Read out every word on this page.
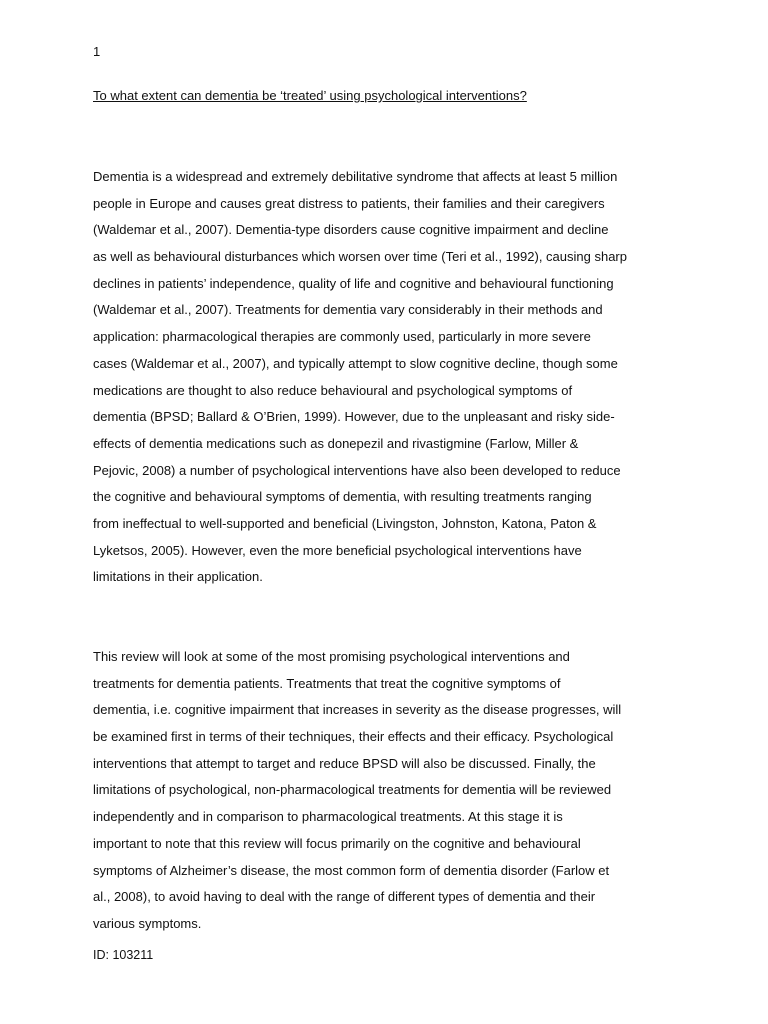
1
To what extent can dementia be ‘treated’ using psychological interventions?

Dementia is a widespread and extremely debilitative syndrome that affects at least 5 million
people in Europe and causes great distress to patients, their families and their caregivers
(Waldemar et al., 2007). Dementia-type disorders cause cognitive impairment and decline
as well as behavioural disturbances which worsen over time (Teri et al., 1992), causing sharp
declines in patients’ independence, quality of life and cognitive and behavioural functioning
(Waldemar et al., 2007). Treatments for dementia vary considerably in their methods and
application: pharmacological therapies are commonly used, particularly in more severe
cases (Waldemar et al., 2007), and typically attempt to slow cognitive decline, though some
medications are thought to also reduce behavioural and psychological symptoms of
dementia (BPSD; Ballard & O’Brien, 1999). However, due to the unpleasant and risky side-
effects of dementia medications such as donepezil and rivastigmine (Farlow, Miller &
Pejovic, 2008) a number of psychological interventions have also been developed to reduce
the cognitive and behavioural symptoms of dementia, with resulting treatments ranging
from ineffectual to well-supported and beneficial (Livingston, Johnston, Katona, Paton &
Lyketsos, 2005). However, even the more beneficial psychological interventions have
limitations in their application.

This review will look at some of the most promising psychological interventions and
treatments for dementia patients. Treatments that treat the cognitive symptoms of
dementia, i.e. cognitive impairment that increases in severity as the disease progresses, will
be examined first in terms of their techniques, their effects and their efficacy. Psychological
interventions that attempt to target and reduce BPSD will also be discussed. Finally, the
limitations of psychological, non-pharmacological treatments for dementia will be reviewed
independently and in comparison to pharmacological treatments. At this stage it is
important to note that this review will focus primarily on the cognitive and behavioural
symptoms of Alzheimer’s disease, the most common form of dementia disorder (Farlow et
al., 2008), to avoid having to deal with the range of different types of dementia and their
various symptoms.

ID: 103211
